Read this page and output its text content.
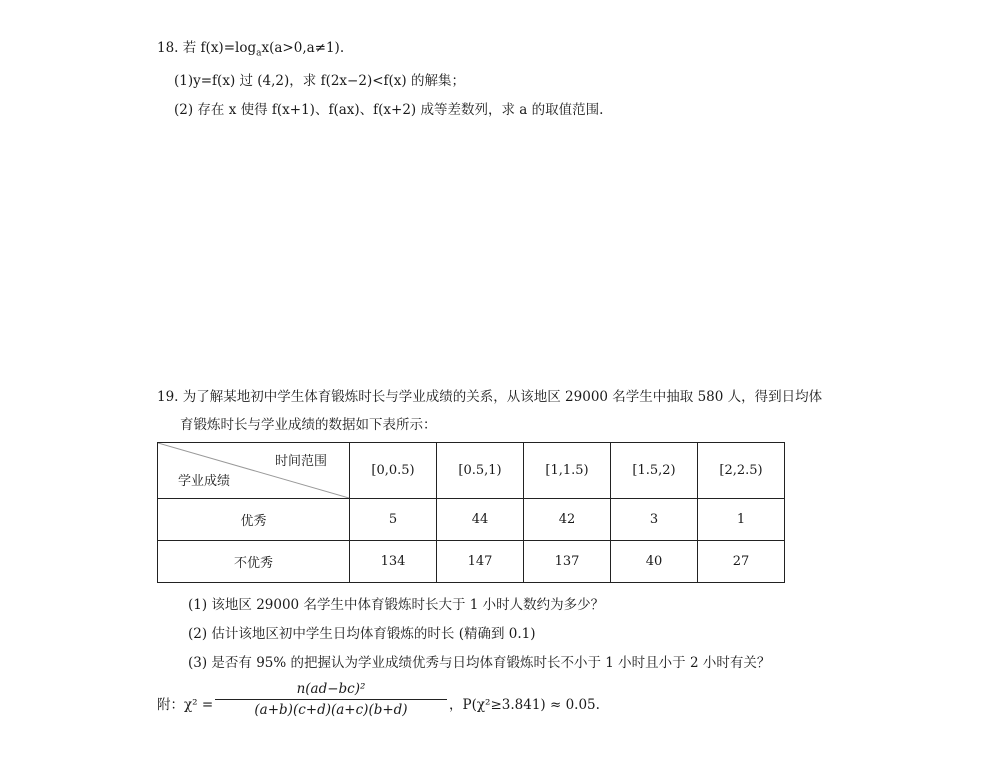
18. 若 $f(x)=\log_ax(a>0,a\ne 1)$.
(1)y=f(x) 过 (4,2)，求 f(2x−2)<f(x) 的解集；
(2) 存在 x 使得 f(x+1)、f(ax)、f(x+2) 成等差数列，求 a 的取值范围.
19. 为了解某地初中学生体育锻炼时长与学业成绩的关系，从该地区 29000 名学生中抽取 580 人，得到日均体
育锻炼时长与学业成绩的数据如下表所示：
时间范围
学业成绩	[0,0.5)	[0.5,1)	[1,1.5)	[1.5,2)	[2,2.5)
优秀	5	44	42	3	1
不优秀	134	147	137	40	27
(1) 该地区 29000 名学生中体育锻炼时长大于 1 小时人数约为多少？
(2) 估计该地区初中学生日均体育锻炼的时长 (精确到 0.1)
(3) 是否有 95% 的把握认为学业成绩优秀与日均体育锻炼时长不小于 1 小时且小于 2 小时有关？
附：χ² =
n(ad−bc)²
(a+b)(c+d)(a+c)(b+d)	，P(χ²≥3.841) ≈ 0.05.
